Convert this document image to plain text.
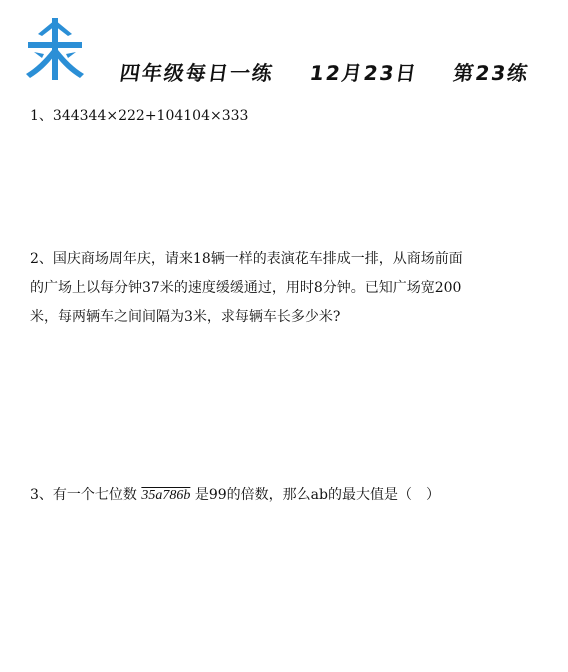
四年级每日一练 12月23日 第23练

1、344344×222+104104×333
2、国庆商场周年庆，请来18辆一样的表演花车排成一排，从商场前面
的广场上以每分钟37米的速度缓缓通过，用时8分钟。已知广场宽200
米，每两辆车之间间隔为3米，求每辆车长多少米?
3、有一个七位数 35a786b 是99的倍数，那么ab的最大值是（　）
